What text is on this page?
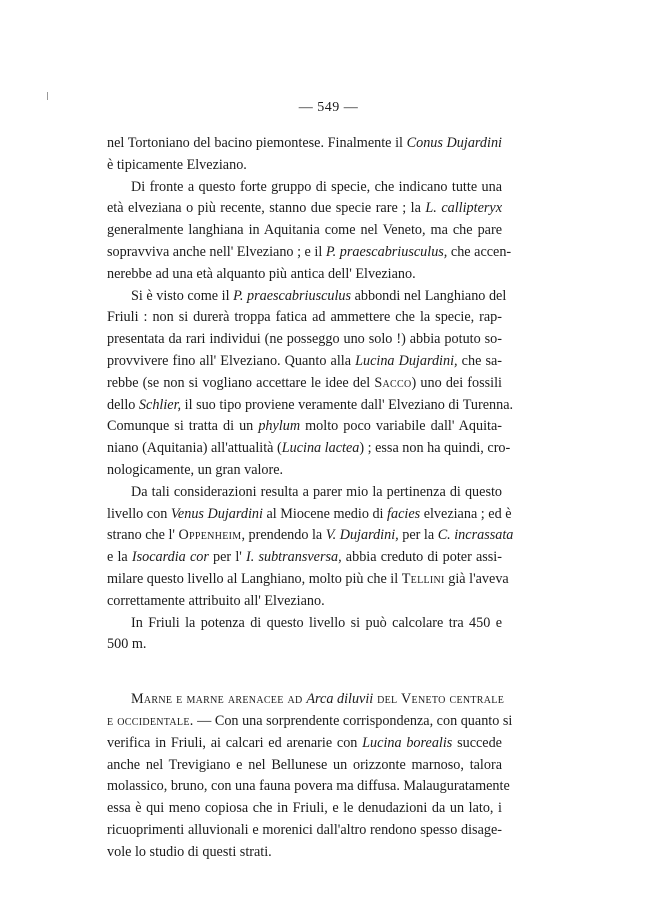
— 549 —
nel Tortoniano del bacino piemontese. Finalmente il Conus Dujardini
è tipicamente Elveziano.
Di fronte a questo forte gruppo di specie, che indicano tutte una
età elveziana o più recente, stanno due specie rare ; la L. callipteryx
generalmente langhiana in Aquitania come nel Veneto, ma che pare
sopravviva anche nell' Elveziano ; e il P. praescabriusculus, che accen-
nerebbe ad una età alquanto più antica dell' Elveziano.
Si è visto come il P. praescabriusculus abbondi nel Langhiano del
Friuli : non si durerà troppa fatica ad ammettere che la specie, rap-
presentata da rari individui (ne posseggo uno solo !) abbia potuto so-
provvivere fino all' Elveziano. Quanto alla Lucina Dujardini, che sa-
rebbe (se non si vogliano accettare le idee del Sacco) uno dei fossili
dello Schlier, il suo tipo proviene veramente dall' Elveziano di Turenna.
Comunque si tratta di un phylum molto poco variabile dall' Aquita-
niano (Aquitania) all'attualità (Lucina lactea) ; essa non ha quindi, cro-
nologicamente, un gran valore.
Da tali considerazioni resulta a parer mio la pertinenza di questo
livello con Venus Dujardini al Miocene medio di facies elveziana ; ed è
strano che l' Oppenheim, prendendo la V. Dujardini, per la C. incrassata
e la Isocardia cor per l' I. subtransversa, abbia creduto di poter assi-
milare questo livello al Langhiano, molto più che il Tellini già l'aveva
correttamente attribuito all' Elveziano.
In Friuli la potenza di questo livello si può calcolare tra 450 e
500 m.
Marne e marne arenacee ad Arca diluvii del Veneto centrale
e occidentale. — Con una sorprendente corrispondenza, con quanto si
verifica in Friuli, ai calcari ed arenarie con Lucina borealis succede
anche nel Trevigiano e nel Bellunese un orizzonte marnoso, talora
molassico, bruno, con una fauna povera ma diffusa. Malauguratamente
essa è qui meno copiosa che in Friuli, e le denudazioni da un lato, i
ricuoprimenti alluvionali e morenici dall'altro rendono spesso disage-
vole lo studio di questi strati.
